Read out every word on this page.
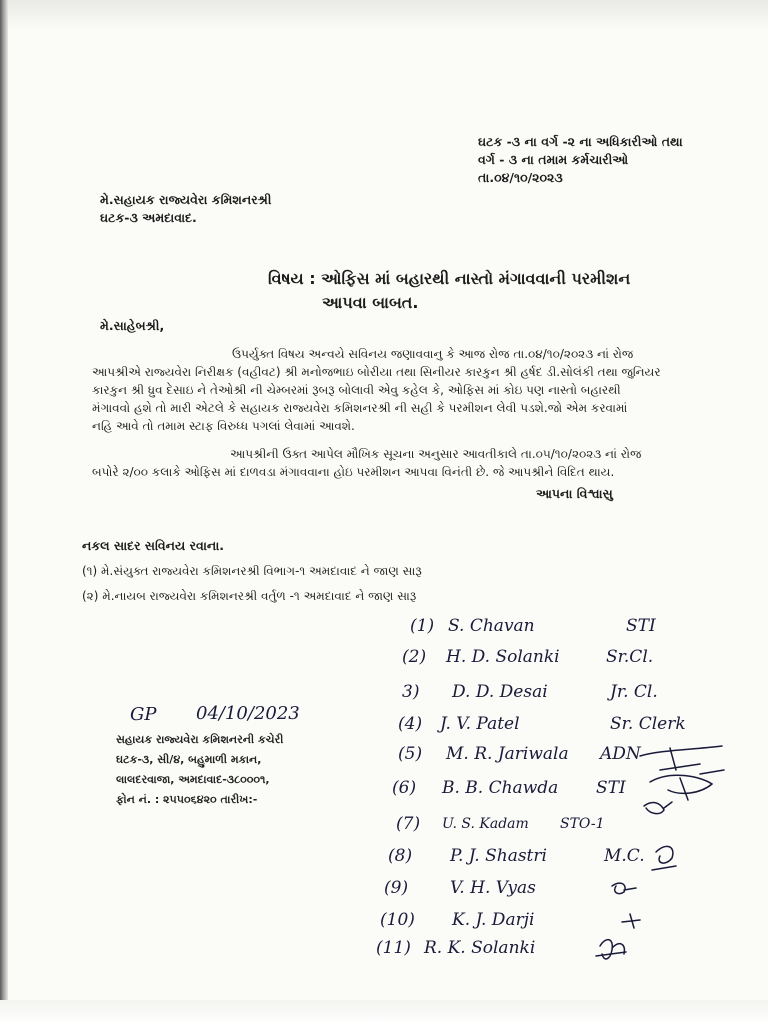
ઘટક -૩ ના વર્ગ -૨ ના અધિકારીઓ તથા
વર્ગ - ૩ ના તમામ કર્મચારીઓ
તા.૦૪/૧૦/૨૦૨૩
મે.સહાયક રાજ્યવેરા કમિશનરશ્રી
ઘટક-૩ અમદાવાદ.
વિષય : ઓફિસ માં બહારથી નાસ્તો મંગાવવાની પરમીશન
આપવા બાબત.
મે.સાહેબશ્રી,
ઉપર્યુક્ત વિષય અન્વયે સવિનય જણાવવાનુ કે આજ રોજ તા.૦૪/૧૦/૨૦૨૩ નાં રોજ
આપશ્રીએ રાજ્યવેરા નિરીક્ષક (વહીવટ) શ્રી મનોજભાઇ બોરીયા તથા સિનીયર કારકુન શ્રી હર્ષદ ડી.સોલંકી તથા જુનિયર
કારકુન શ્રી ધ્રુવ દેસાઇ ને તેઓશ્રી ની ચેમ્બરમાં રૂબરૂ બોલાવી એવુ કહેલ કે, ઓફિસ માં કોઇ પણ નાસ્તો બહારથી
મંગાવવો હશે તો મારી એટલે કે સહાયક રાજ્યવેરા કમિશનરશ્રી ની સહી કે પરમીશન લેવી પડશે.જો એમ કરવામાં
નહિ આવે તો તમામ સ્ટાફ વિરુધ્ધ પગલાં લેવામાં આવશે.
આપશ્રીની ઉક્ત આપેલ મૌખિક સૂચના અનુસાર આવતીકાલે તા.૦૫/૧૦/૨૦૨૩ નાં રોજ
બપોરે ૨/૦૦ કલાકે ઓફિસ માં દાળવડા મંગાવવાના હોઇ પરમીશન આપવા વિનંતી છે. જે આપશ્રીને વિદિત થાય.
આપના વિશ્વાસુ
નકલ સાદર સવિનય રવાના.
(૧) મે.સંયુક્ત રાજ્યવેરા કમિશનરશ્રી વિભાગ-૧ અમદાવાદ ને જાણ સારૂ
(૨) મે.નાયબ રાજ્યવેરા કમિશનરશ્રી વર્તુળ -૧ અમદાવાદ ને જાણ સારૂ
GP 04/10/2023
સહાયક રાજ્યવેરા કમિશનરની કચેરી
ઘટક-૩, સી/૪, બહુમાળી મકાન,
લાલદરવાજા, અમદાવાદ-૩૮૦૦૦૧,
ફોન નં. : ૨૫૫૦૬૪૨૦ તારીખ:-
(1) S. Chavan	STI
(2) H. D. Solanki	Sr.Cl.
3) D. D. Desai	Jr. Cl.
(4) J. V. Patel	Sr. Clerk
(5) M. R. Jariwala ADN
(6) B. B. Chawda STI
(7) U. S. Kadam STO-1
(8) P. J. Shastri	M.C.
(9) V. H. Vyas
(10) K. J. Darji
(11) R. K. Solanki
